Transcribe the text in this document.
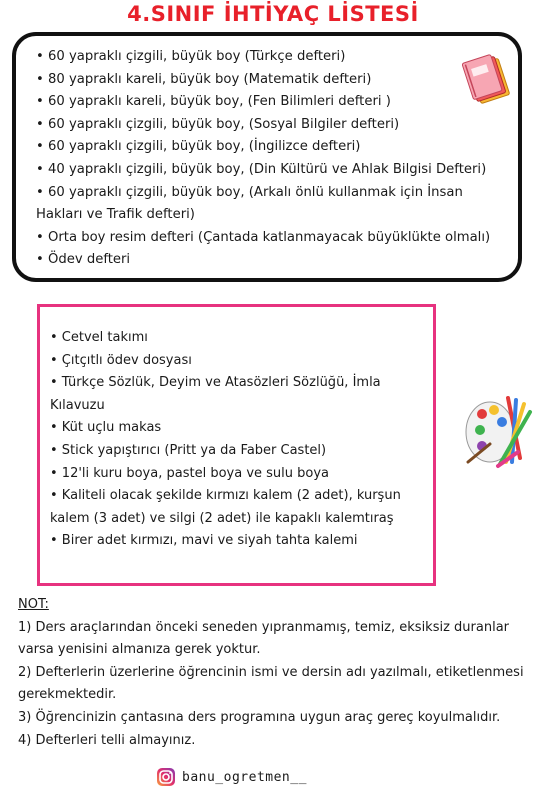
4.SINIF İHTİYAÇ LİSTESİ
• 60 yapraklı çizgili, büyük boy (Türkçe defteri)
• 80 yapraklı kareli, büyük boy (Matematik defteri)
• 60 yapraklı kareli, büyük boy, (Fen Bilimleri defteri )
• 60 yapraklı çizgili, büyük boy, (Sosyal Bilgiler defteri)
• 60 yapraklı çizgili, büyük boy, (İngilizce defteri)
• 40 yapraklı çizgili, büyük boy, (Din Kültürü ve Ahlak Bilgisi Defteri)
• 60 yapraklı çizgili, büyük boy, (Arkalı önlü kullanmak için İnsan Hakları ve Trafik defteri)
• Orta boy resim defteri (Çantada katlanmayacak büyüklükte olmalı)
• Ödev defteri
• Cetvel takımı
• Çıtçıtlı ödev dosyası
• Türkçe Sözlük, Deyim ve Atasözleri Sözlüğü, İmla Kılavuzu
• Küt uçlu makas
• Stick yapıştırıcı (Pritt ya da Faber Castel)
• 12'li kuru boya, pastel boya ve sulu boya
• Kaliteli olacak şekilde kırmızı kalem (2 adet), kurşun kalem (3 adet) ve silgi (2 adet) ile kapaklı kalemtıraş
• Birer adet kırmızı, mavi ve siyah tahta kalemi

NOT:

1) Ders araçlarından önceki seneden yıpranmamış, temiz, eksiksiz duranlar varsa yenisini almanıza gerek yoktur.

2) Defterlerin üzerlerine öğrencinin ismi ve dersin adı yazılmalı, etiketlenmesi gerekmektedir.

3) Öğrencinizin çantasına ders programına uygun araç gereç koyulmalıdır.

4) Defterleri telli almayınız.

banu_ogretmen__
